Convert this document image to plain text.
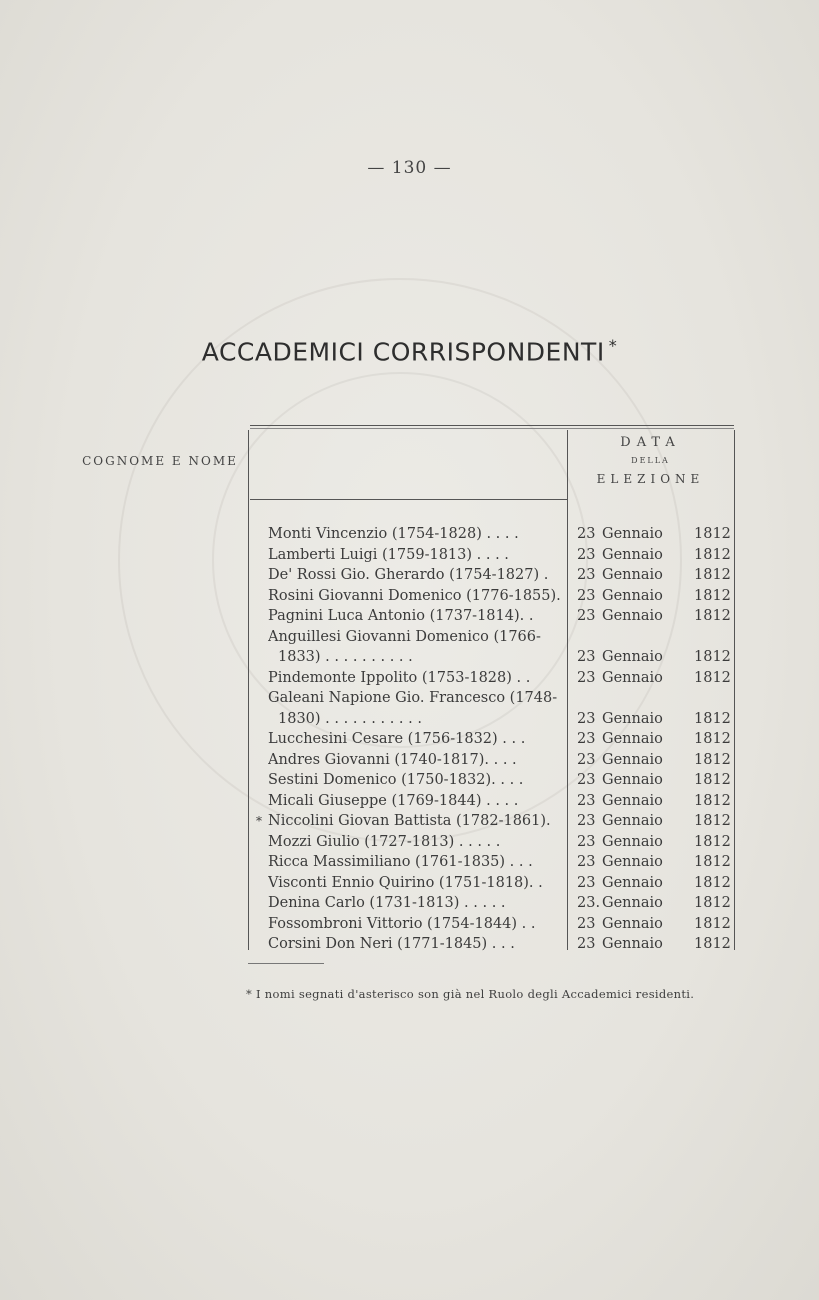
— 130 —
ACCADEMICI CORRISPONDENTI *
COGNOME E NOME
DATA
DELLA
ELEZIONE
Monti Vincenzio (1754-1828) . . . .	23 Gennaio	1812
Lamberti Luigi (1759-1813) . . . .	23 Gennaio	1812
De' Rossi Gio. Gherardo (1754-1827) .	23 Gennaio	1812
Rosini Giovanni Domenico (1776-1855).	23 Gennaio	1812
Pagnini Luca Antonio (1737-1814). .	23 Gennaio	1812
Anguillesi Giovanni Domenico (1766-
1833) . . . . . . . . . .	23 Gennaio	1812
Pindemonte Ippolito (1753-1828) . .	23 Gennaio	1812
Galeani Napione Gio. Francesco (1748-
1830) . . . . . . . . . . .	23 Gennaio	1812
Lucchesini Cesare (1756-1832) . . .	23 Gennaio	1812
Andres Giovanni (1740-1817). . . .	23 Gennaio	1812
Sestini Domenico (1750-1832). . . .	23 Gennaio	1812
Micali Giuseppe (1769-1844) . . . .	23 Gennaio	1812
* Niccolini Giovan Battista (1782-1861).	23 Gennaio	1812
Mozzi Giulio (1727-1813) . . . . .	23 Gennaio	1812
Ricca Massimiliano (1761-1835) . . .	23 Gennaio	1812
Visconti Ennio Quirino (1751-1818). .	23 Gennaio	1812
Denina Carlo (1731-1813) . . . . .	23. Gennaio	1812
Fossombroni Vittorio (1754-1844) . .	23 Gennaio	1812
Corsini Don Neri (1771-1845) . . .	23 Gennaio	1812
* I nomi segnati d'asterisco son già nel Ruolo degli Accademici residenti.
